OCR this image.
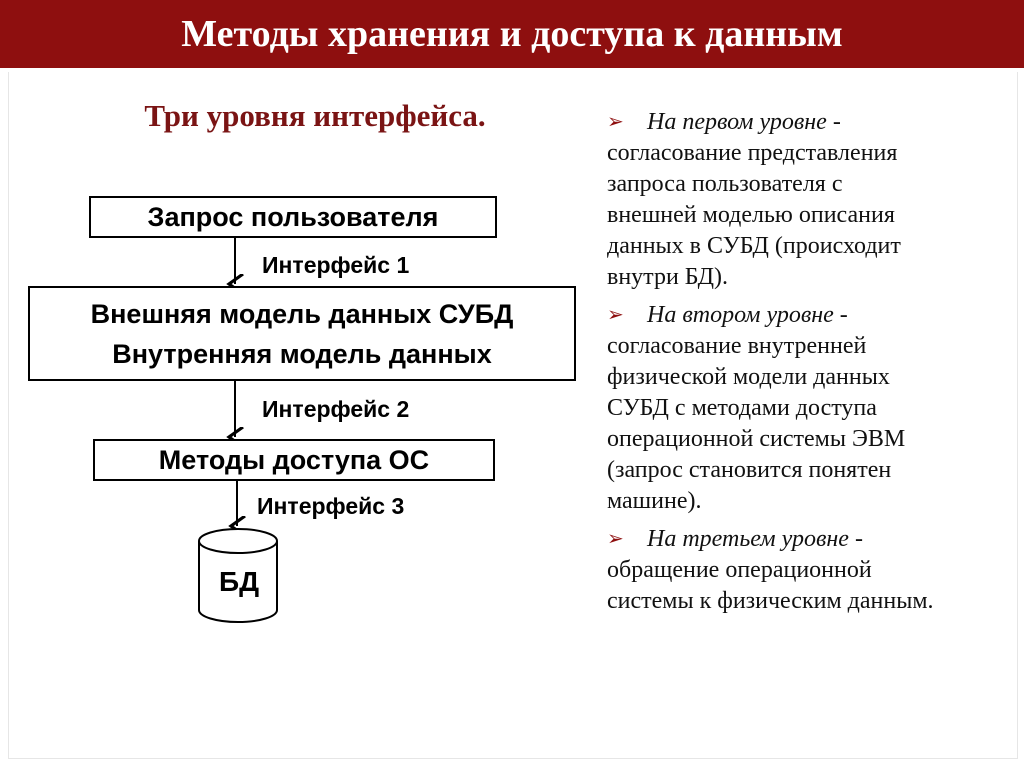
Методы хранения и доступа к данным
Три уровня интерфейса.
Запрос пользователя
Интерфейс 1
Внешняя модель данных СУБД
Внутренняя модель данных
Интерфейс 2
Методы доступа ОС
Интерфейс 3
БД
➢ На первом уровне -
согласование представления
запроса пользователя с
внешней моделью описания
данных в СУБД (происходит
внутри БД).
➢ На втором уровне -
согласование внутренней
физической модели данных
СУБД с методами доступа
операционной системы ЭВМ
(запрос становится понятен
машине).
➢ На третьем уровне -
обращение операционной
системы к физическим данным.
